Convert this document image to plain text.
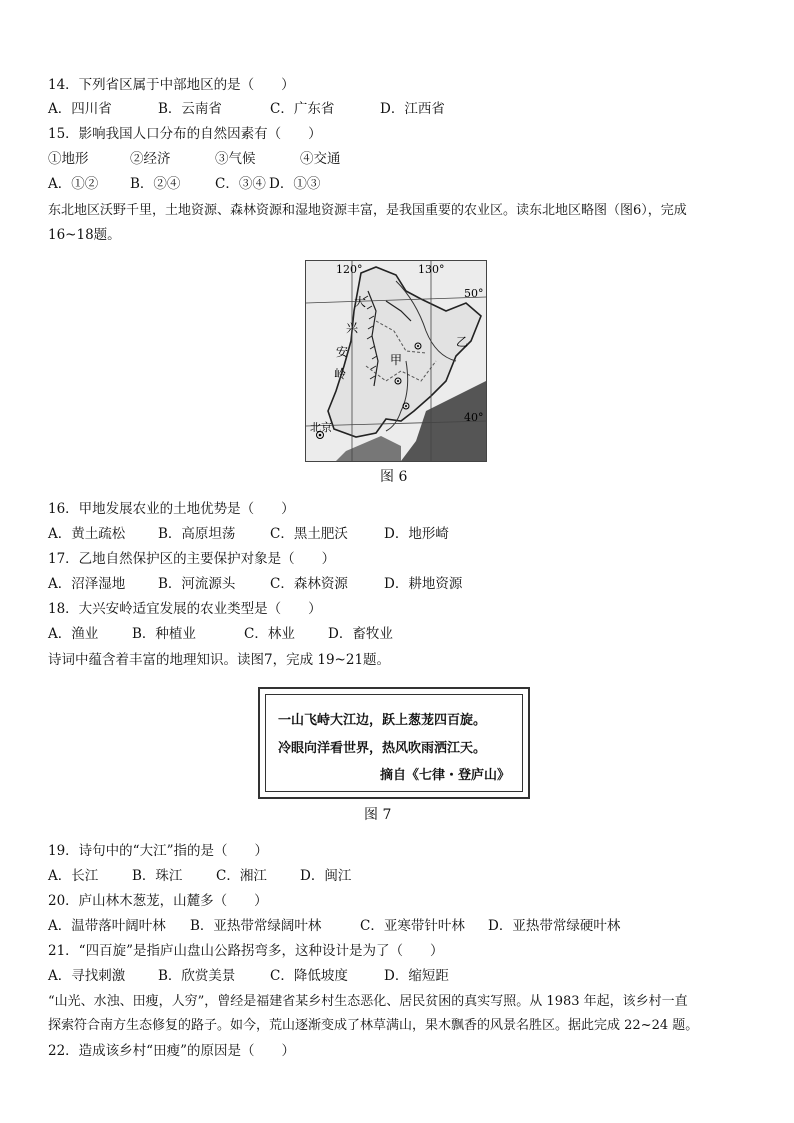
14．下列省区属于中部地区的是（　　）
A．四川省	B．云南省	C．广东省	D．江西省
15．影响我国人口分布的自然因素有（　　）
①地形	②经济	③气候	④交通
A．①② B．②④	C．③④ D．①③
东北地区沃野千里，土地资源、森林资源和湿地资源丰富，是我国重要的农业区。读东北地区略图（图6），完成
16~18题。
120°	130°
50°
40°
大
兴
安
岭
甲
乙
北京
图 6
16．甲地发展农业的土地优势是（　　）
A．黄土疏松 B．高原坦荡	C．黑土肥沃	D．地形崎
17．乙地自然保护区的主要保护对象是（　　）
A．沼泽湿地 B．河流源头	C．森林资源	D．耕地资源
18．大兴安岭适宜发展的农业类型是（　　）
A．渔业	B．种植业	C．林业 D．畜牧业
诗词中蕴含着丰富的地理知识。读图7，完成 19~21题。
一山飞峙大江边，跃上葱茏四百旋。
冷眼向洋看世界，热风吹雨洒江天。
摘自《七律・登庐山》
图 7
19．诗句中的“大江”指的是（　　）
A．长江	B．珠江 C．湘江 D．闽江
20．庐山林木葱茏，山麓多（　　）
A．温带落叶阔叶林 B．亚热带常绿阔叶林	C．亚寒带针叶林 D．亚热带常绿硬叶林
21．“四百旋”是指庐山盘山公路拐弯多，这种设计是为了（　　）
A．寻找刺激 B．欣赏美景	C．降低坡度	D．缩短距
“山光、水浊、田瘦，人穷”，曾经是福建省某乡村生态恶化、居民贫困的真实写照。从 1983 年起，该乡村一直
探索符合南方生态修复的路子。如今，荒山逐渐变成了林草满山，果木飘香的风景名胜区。据此完成 22~24 题。
22．造成该乡村“田瘦”的原因是（　　）
